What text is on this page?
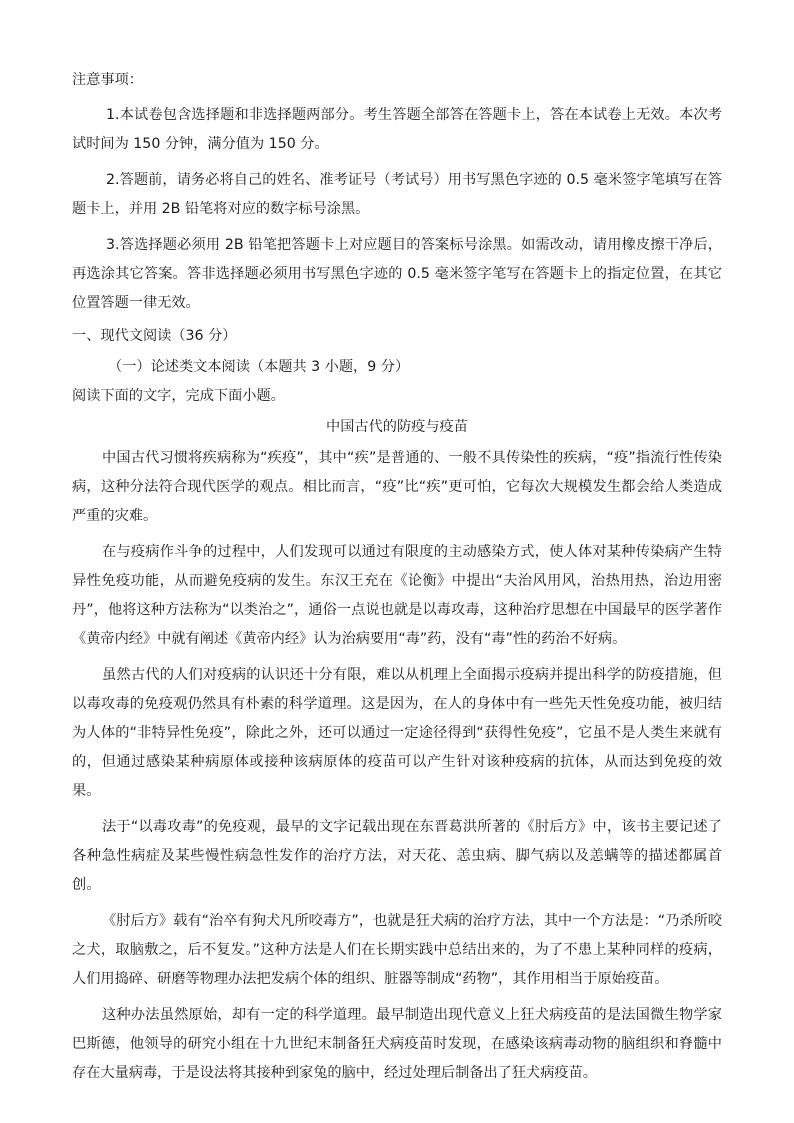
注意事项：

1.本试卷包含选择题和非选择题两部分。考生答题全部答在答题卡上，答在本试卷上无效。本次考试时间为 150 分钟，满分值为 150 分。

2.答题前，请务必将自己的姓名、准考证号（考试号）用书写黑色字迹的 0.5 毫米签字笔填写在答题卡上，并用 2B 铅笔将对应的数字标号涂黑。

3.答选择题必须用 2B 铅笔把答题卡上对应题目的答案标号涂黑。如需改动，请用橡皮擦干净后，再选涂其它答案。答非选择题必须用书写黑色字迹的 0.5 毫米签字笔写在答题卡上的指定位置，在其它位置答题一律无效。

一、现代文阅读（36 分）

（一）论述类文本阅读（本题共 3 小题，9 分）

阅读下面的文字，完成下面小题。

中国古代的防疫与疫苗

中国古代习惯将疾病称为“疾疫”，其中“疾”是普通的、一般不具传染性的疾病，“疫”指流行性传染病，这种分法符合现代医学的观点。相比而言，“疫”比“疾”更可怕，它每次大规模发生都会给人类造成严重的灾难。

在与疫病作斗争的过程中，人们发现可以通过有限度的主动感染方式，使人体对某种传染病产生特异性免疫功能，从而避免疫病的发生。东汉王充在《论衡》中提出“夫治风用风，治热用热，治边用密丹”，他将这种方法称为“以类治之”，通俗一点说也就是以毒攻毒，这种治疗思想在中国最早的医学著作《黄帝内经》中就有阐述《黄帝内经》认为治病要用“毒”药，没有“毒”性的药治不好病。

虽然古代的人们对疫病的认识还十分有限，难以从机理上全面揭示疫病并提出科学的防疫措施，但以毒攻毒的免疫观仍然具有朴素的科学道理。这是因为，在人的身体中有一些先天性免疫功能，被归结为人体的“非特异性免疫”，除此之外，还可以通过一定途径得到“获得性免疫”，它虽不是人类生来就有的，但通过感染某种病原体或接种该病原体的疫苗可以产生针对该种疫病的抗体，从而达到免疫的效果。

法于“以毒攻毒”的免疫观，最早的文字记载出现在东晋葛洪所著的《肘后方》中，该书主要记述了各种急性病症及某些慢性病急性发作的治疗方法，对天花、恙虫病、脚气病以及恙螨等的描述都属首创。

《肘后方》载有“治卒有狗犬凡所咬毒方”，也就是狂犬病的治疗方法，其中一个方法是：“乃杀所咬之犬，取脑敷之，后不复发。”这种方法是人们在长期实践中总结出来的，为了不患上某种同样的疫病，人们用捣碎、研磨等物理办法把发病个体的组织、脏器等制成“药物”，其作用相当于原始疫苗。

这种办法虽然原始，却有一定的科学道理。最早制造出现代意义上狂犬病疫苗的是法国微生物学家巴斯德，他领导的研究小组在十九世纪末制备狂犬病疫苗时发现，在感染该病毒动物的脑组织和脊髓中存在大量病毒，于是设法将其接种到家兔的脑中，经过处理后制备出了狂犬病疫苗。
